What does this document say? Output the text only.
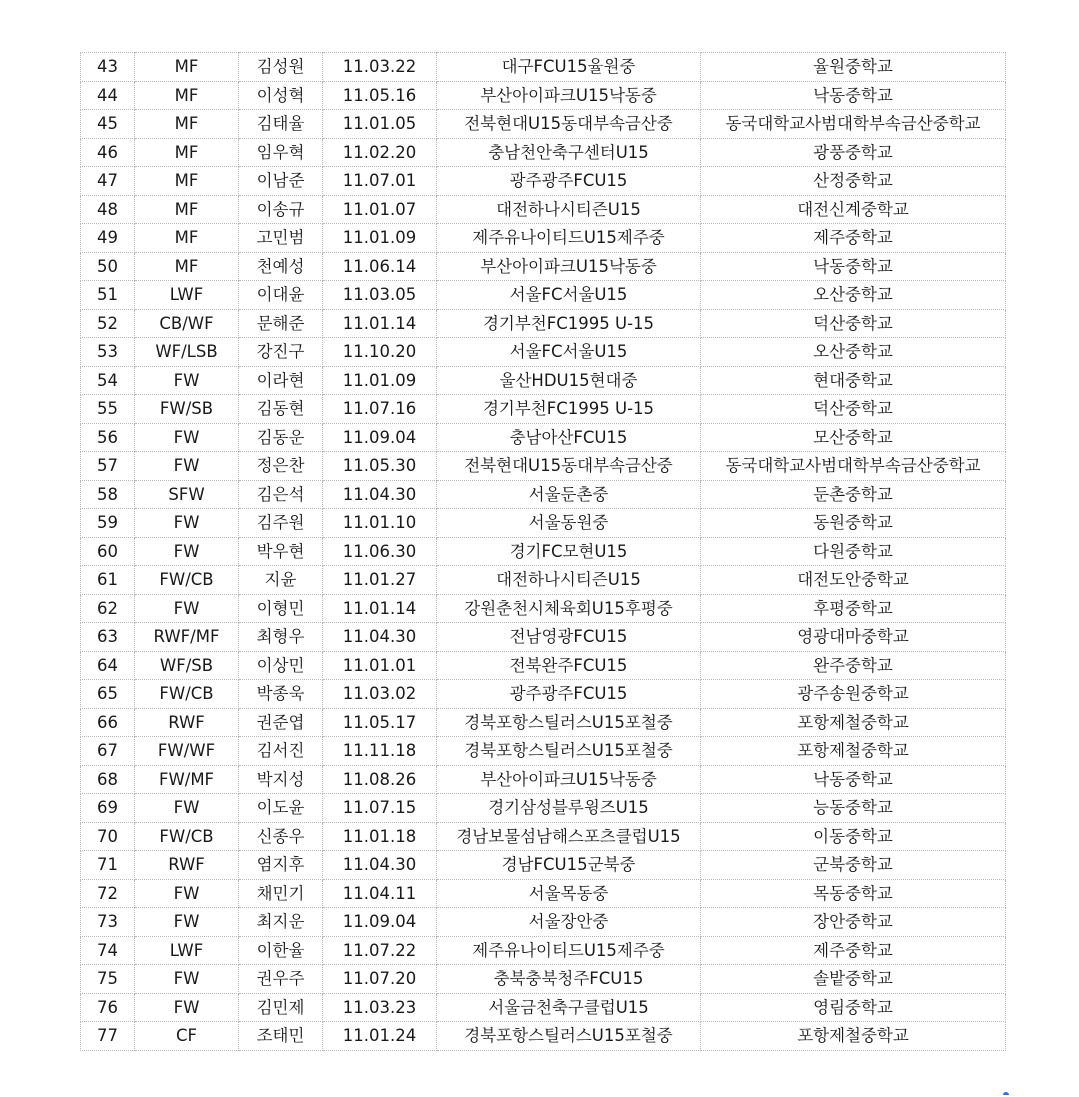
43	MF	김성원	11.03.22	대구FCU15율원중	율원중학교
44	MF	이성혁	11.05.16	부산아이파크U15낙동중	낙동중학교
45	MF	김태율	11.01.05	전북현대U15동대부속금산중	동국대학교사범대학부속금산중학교
46	MF	임우혁	11.02.20	충남천안축구센터U15	광풍중학교
47	MF	이남준	11.07.01	광주광주FCU15	산정중학교
48	MF	이송규	11.01.07	대전하나시티즌U15	대전신계중학교
49	MF	고민범	11.01.09	제주유나이티드U15제주중	제주중학교
50	MF	천예성	11.06.14	부산아이파크U15낙동중	낙동중학교
51	LWF	이대윤	11.03.05	서울FC서울U15	오산중학교
52	CB/WF	문해준	11.01.14	경기부천FC1995 U-15	덕산중학교
53	WF/LSB	강진구	11.10.20	서울FC서울U15	오산중학교
54	FW	이라현	11.01.09	울산HDU15현대중	현대중학교
55	FW/SB	김동현	11.07.16	경기부천FC1995 U-15	덕산중학교
56	FW	김동운	11.09.04	충남아산FCU15	모산중학교
57	FW	정은찬	11.05.30	전북현대U15동대부속금산중	동국대학교사범대학부속금산중학교
58	SFW	김은석	11.04.30	서울둔촌중	둔촌중학교
59	FW	김주원	11.01.10	서울동원중	동원중학교
60	FW	박우현	11.06.30	경기FC모현U15	다원중학교
61	FW/CB	지윤	11.01.27	대전하나시티즌U15	대전도안중학교
62	FW	이형민	11.01.14	강원춘천시체육회U15후평중	후평중학교
63	RWF/MF	최형우	11.04.30	전남영광FCU15	영광대마중학교
64	WF/SB	이상민	11.01.01	전북완주FCU15	완주중학교
65	FW/CB	박종욱	11.03.02	광주광주FCU15	광주송원중학교
66	RWF	권준엽	11.05.17	경북포항스틸러스U15포철중	포항제철중학교
67	FW/WF	김서진	11.11.18	경북포항스틸러스U15포철중	포항제철중학교
68	FW/MF	박지성	11.08.26	부산아이파크U15낙동중	낙동중학교
69	FW	이도윤	11.07.15	경기삼성블루윙즈U15	능동중학교
70	FW/CB	신종우	11.01.18	경남보물섬남해스포츠클럽U15	이동중학교
71	RWF	염지후	11.04.30	경남FCU15군북중	군북중학교
72	FW	채민기	11.04.11	서울목동중	목동중학교
73	FW	최지운	11.09.04	서울장안중	장안중학교
74	LWF	이한율	11.07.22	제주유나이티드U15제주중	제주중학교
75	FW	권우주	11.07.20	충북충북청주FCU15	솔밭중학교
76	FW	김민제	11.03.23	서울금천축구클럽U15	영림중학교
77	CF	조태민	11.01.24	경북포항스틸러스U15포철중	포항제철중학교
